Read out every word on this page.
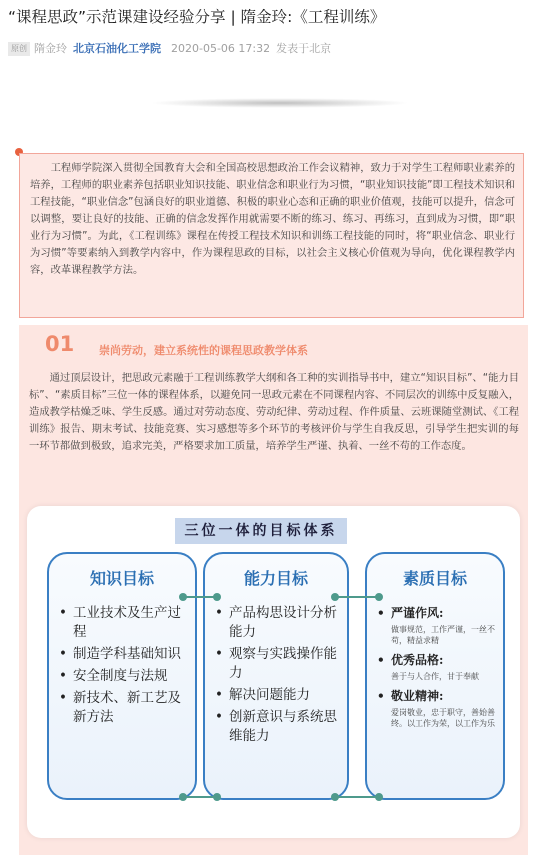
“课程思政”示范课建设经验分享 | 隋金玲:《工程训练》
原创 隋金玲 北京石油化工学院 2020-05-06 17:32 发表于北京
工程师学院深入贯彻全国教育大会和全国高校思想政治工作会议精神，致力于对学生工程师职业素养的培养，工程师的职业素养包括职业知识技能、职业信念和职业行为习惯，“职业知识技能”即工程技术知识和工程技能，“职业信念”包涵良好的职业道德、积极的职业心态和正确的职业价值观，技能可以提升，信念可以调整，要让良好的技能、正确的信念发挥作用就需要不断的练习、练习、再练习，直到成为习惯，即“职业行为习惯”。为此，《工程训练》课程在传授工程技术知识和训练工程技能的同时，将“职业信念、职业行为习惯”等要素纳入到教学内容中，作为课程思政的目标，以社会主义核心价值观为导向，优化课程教学内容，改革课程教学方法。
01 崇尚劳动，建立系统性的课程思政教学体系
通过顶层设计，把思政元素融于工程训练教学大纲和各工种的实训指导书中，建立“知识目标”、“能力目标”、“素质目标”三位一体的课程体系，以避免同一思政元素在不同课程内容、不同层次的训练中反复融入，造成教学枯燥乏味、学生反感。通过对劳动态度、劳动纪律、劳动过程、作件质量、云班课随堂测试、《工程训练》报告、期末考试、技能竞赛、实习感想等多个环节的考核评价与学生自我反思，引导学生把实训的每一环节都做到极致，追求完美，严格要求加工质量，培养学生严谨、执着、一丝不苟的工作态度。
三位一体的目标体系
知识目标
• 工业技术及生产过程
• 制造学科基础知识
• 安全制度与法规
• 新技术、新工艺及新方法
能力目标
• 产品构思设计分析能力
• 观察与实践操作能力
• 解决问题能力
• 创新意识与系统思维能力
素质目标
• 严谨作风:
做事规范，工作严谨，一丝不苟，精益求精
• 优秀品格:
善于与人合作，甘于奉献
• 敬业精神:
爱岗敬业，忠于职守，善始善终。以工作为荣，以工作为乐
